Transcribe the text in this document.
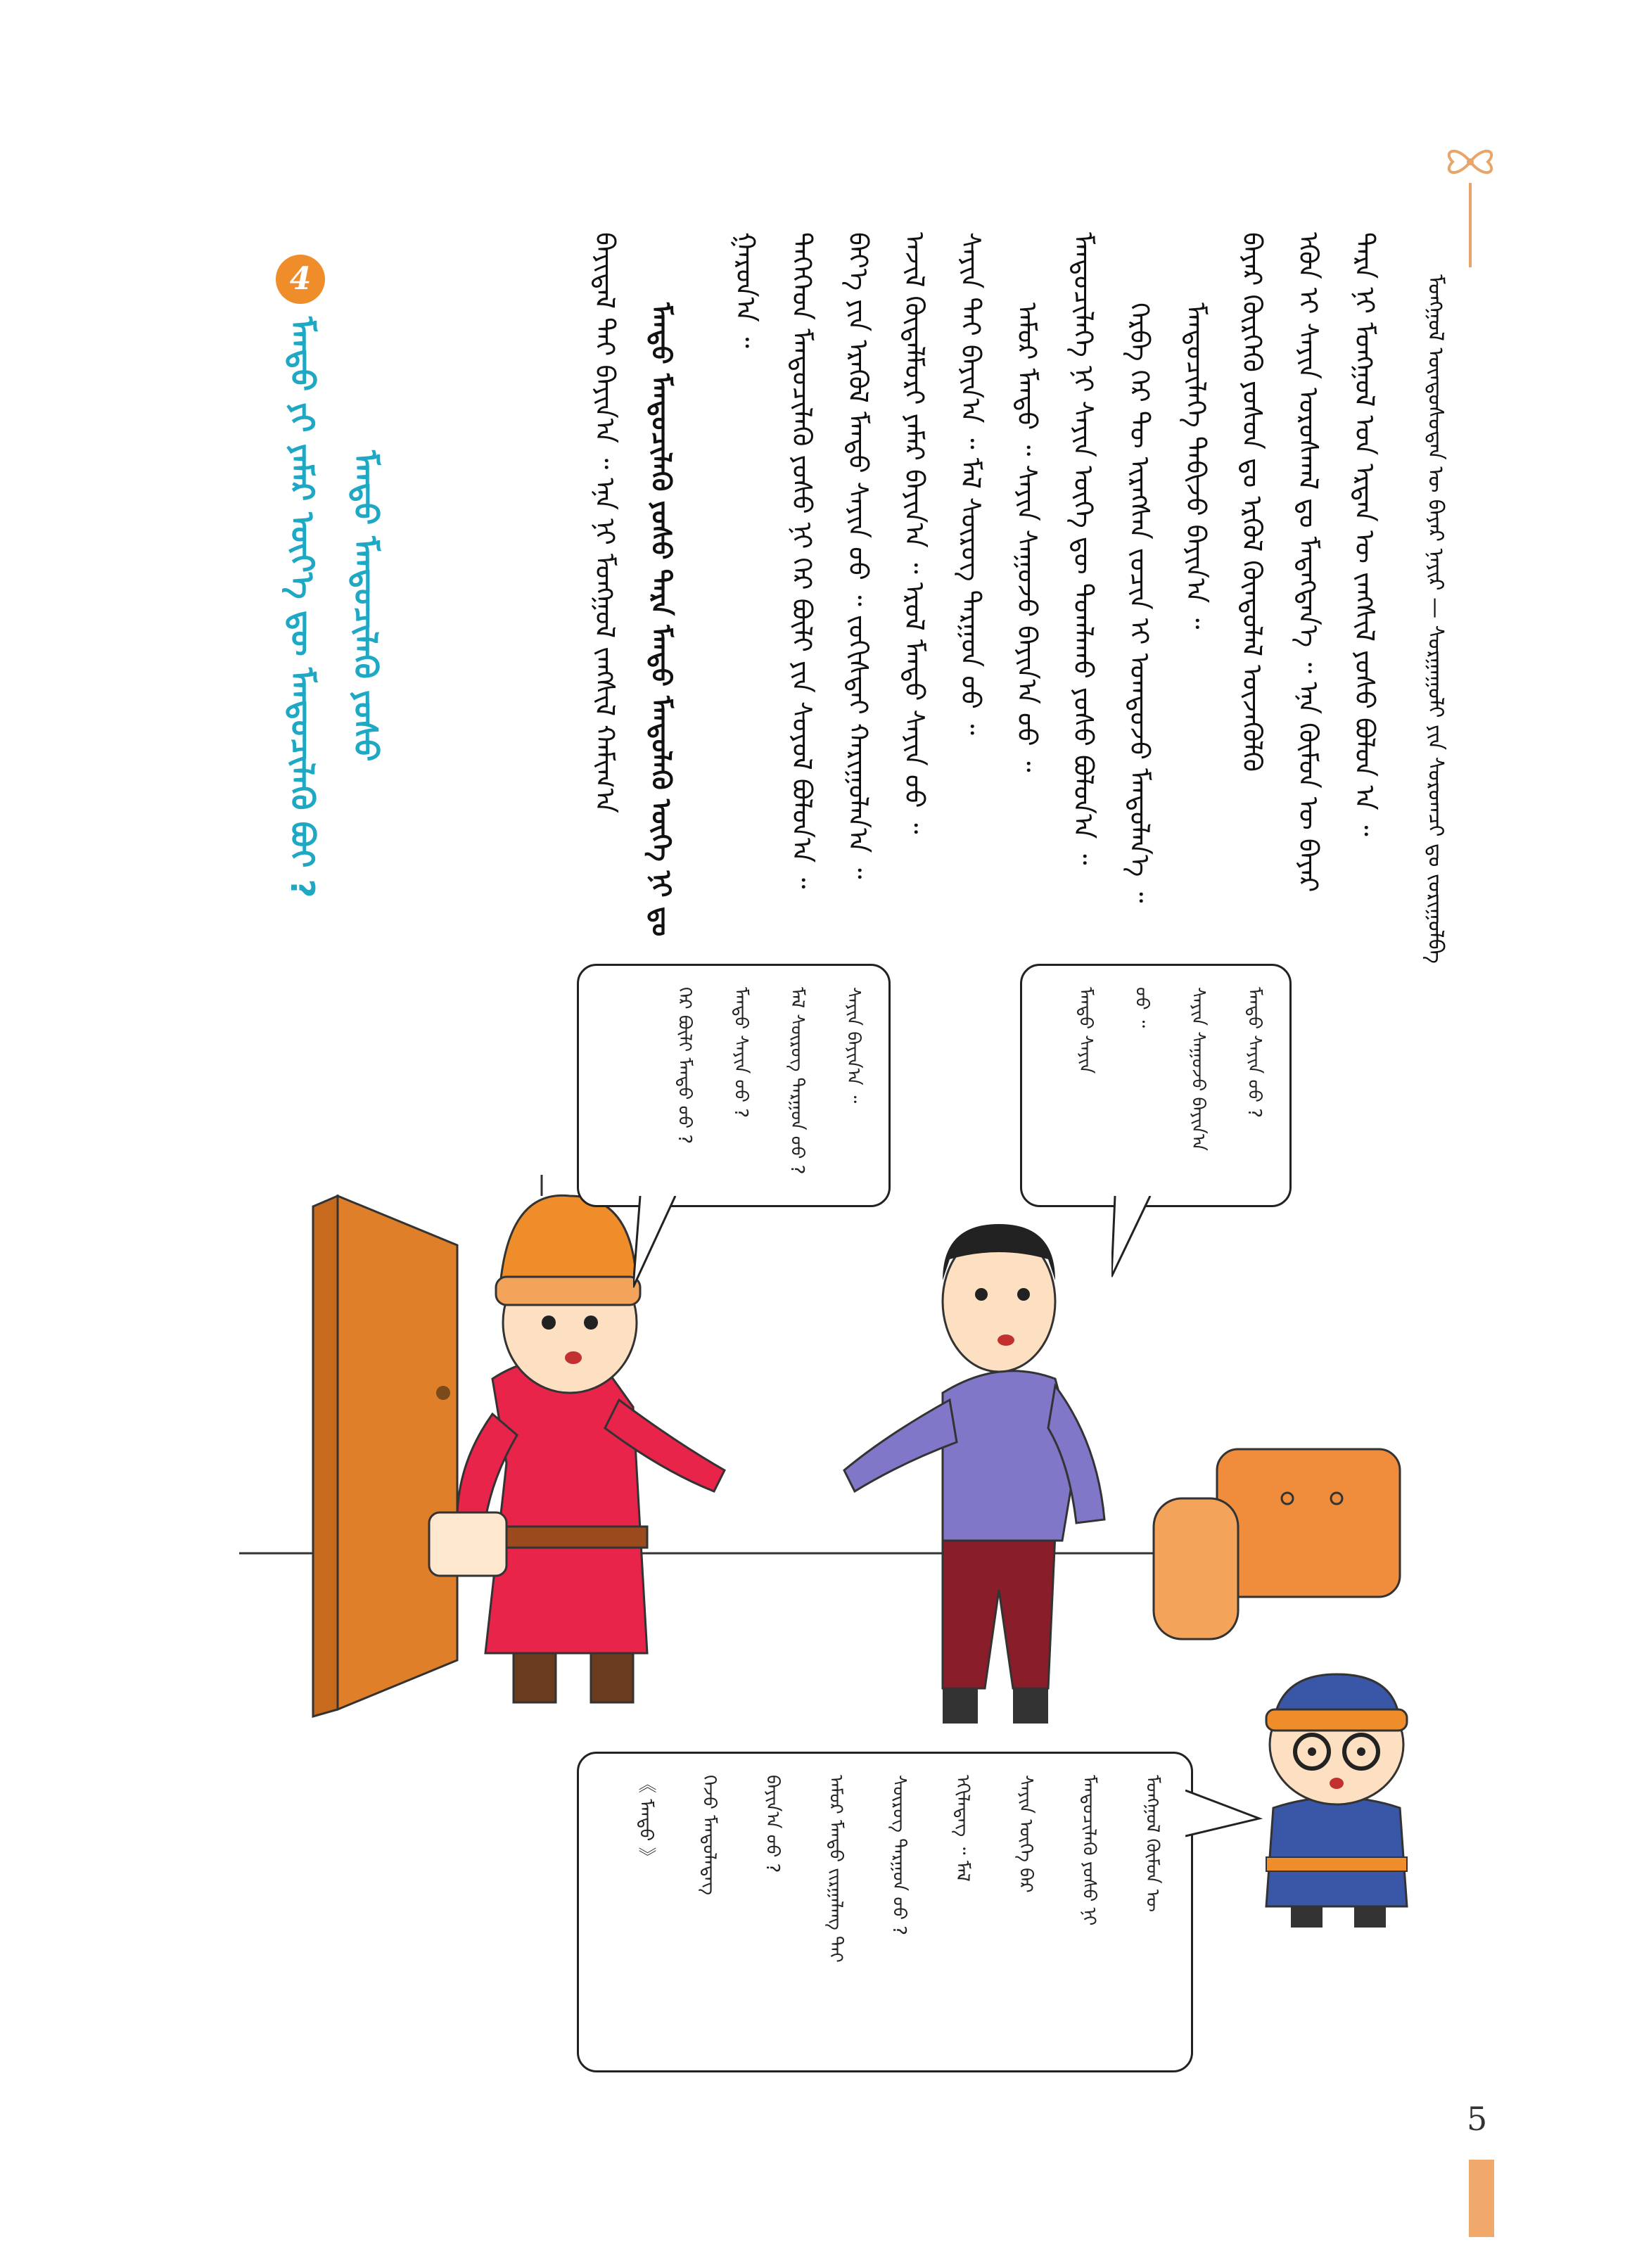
ᠮᠣᠩᠭᠣᠯ ᠦᠨᠳᠦᠰᠦᠲᠡᠨ ᠦ ᠪᠠᠶᠠᠷ ᠨᠠᠶᠢᠷ — ᠰᠤᠷᠭᠠᠭᠤᠯᠢ ᠶᠢᠨ ᠰᠤᠷᠤᠭᠴᠢ ᠳᠤ ᠵᠣᠷᠢᠭᠤᠯᠪᠠ
ᠲᠡᠷᠡ ᠨᠢ ᠮᠣᠩᠭᠣᠯ ᠤᠨ ᠡᠷᠲᠡᠨ ᠦ ᠵᠠᠩᠰᠢᠯ ᠶᠣᠰᠣ ᠪᠣᠯᠤᠨ ᠠ ᠃
ᠡᠭᠦᠨ ᠢ ᠰᠠᠶᠢᠨ ᠤᠷᠤᠰᠬᠠᠯ ᠳᠤ ᠮᠡᠳᠡᠭᠳᠡᠨ᠎ᠡ ᠃ ᠡᠨᠡ ᠬᠦᠮᠦᠨ ᠦ ᠪᠠᠶᠠᠷ
ᠪᠠᠶᠠᠷ ᠬᠦᠷᠭᠡᠬᠦ ᠶᠣᠰᠣᠨ ᠳᠤ ᠡᠷᠭᠦᠯ ᠬᠦᠨᠳᠦᠯᠡᠯ ᠦᠵᠡᠭᠦᠯᠬᠦ
ᠮᠡᠨᠳᠦᠴᠢᠯᠡᠭᠡ ᠲᠠᠪᠢᠵᠤ ᠪᠠᠶᠢᠨ᠎ᠠ ᠃
ᠬᠡᠷᠪᠡ ᠭᠡᠷ ᠲᠦ ᠢᠷᠡᠭᠰᠡᠨ ᠵᠣᠴᠢᠨ ᠢ ᠤᠭᠲᠤᠵᠤ ᠮᠡᠨᠳᠦᠯᠡᠨ᠎ᠡ ᠃
ᠮᠡᠨᠳᠦᠴᠢᠯᠡᠭᠡ ᠨᠢ ᠰᠠᠶᠢᠨ ᠦᠭᠡ ᠳᠦ ᠲᠤᠭᠯᠠᠬᠤ ᠶᠣᠰᠣ ᠪᠣᠯᠤᠨ᠎ᠠ ᠃
ᠠᠮᠤᠷ ᠮᠡᠨᠳᠦ ᠃ ᠰᠠᠶᠢᠨ ᠰᠠᠭᠤᠵᠤ ᠪᠠᠶᠢᠨ᠎ᠠ ᠤᠤ ᠃
ᠰᠠᠶᠢᠨ ᠲᠠᠢ ᠪᠠᠶᠢᠨ᠎ᠠ ᠃ ᠮᠠᠯ ᠰᠦᠷᠦᠭ ᠲᠠᠷᠭᠤᠨ ᠤᠤ ᠃
ᠠᠵᠢᠯ ᠬᠥᠳᠡᠯᠮᠦᠷᠢ ᠶᠠᠮᠠᠷ ᠪᠠᠶᠢᠨ᠎ᠠ ᠃ ᠡᠷᠦᠯ ᠮᠡᠨᠳᠦ ᠰᠠᠶᠢᠨ ᠤᠤ ᠃
ᠪᠡᠶ᠎ᠡ ᠶᠢᠨ ᠡᠷᠡᠭᠦᠯ ᠮᠡᠨᠳᠦ ᠰᠠᠶᠢᠨ ᠤᠤ ᠃ ᠵᠣᠬᠢᠰᠲᠠᠢ ᠬᠠᠷᠢᠭᠤᠯᠠᠨ᠎ᠠ ᠃
ᠲᠡᠭᠡᠭᠡᠳ ᠮᠡᠨᠳᠦᠴᠢᠯᠡᠬᠦ ᠶᠣᠰᠣ ᠨᠢ ᠭᠡᠷ ᠪᠦᠯᠢ ᠶᠢᠨ ᠰᠣᠶᠣᠯ ᠪᠣᠯᠤᠨ᠎ᠠ ᠃
ᠭᠠᠷᠤᠨ᠎ᠠ ᠃
ᠮᠡᠨᠳᠦ ᠮᠡᠨᠳᠦᠴᠢᠯᠡᠬᠦ ᠶᠣᠰᠣ ᠲᠡᠷᠡ ᠮᠡᠨᠳᠦ ᠮᠡᠨᠳᠦᠯᠡᠬᠦ ᠦᠭᠡ ᠨᠢ ᠳᠤ
ᠪᠠᠶᠢᠳᠠᠯ ᠲᠠᠢ ᠪᠠᠶᠢᠨ᠎ᠠ ᠃ ᠡᠨᠡ ᠨᠢ ᠮᠣᠩᠭᠣᠯ ᠵᠠᠩᠰᠢᠯ ᠬᠠᠮᠢᠭ᠎ᠠ
4
ᠮᠡᠨᠳᠦ ᠶᠢ ᠶᠠᠮᠠᠷ ᠦᠶ᠎ᠡ ᠳᠦ ᠮᠡᠨᠳᠦᠴᠢᠯᠡᠬᠦ ᠪᠤᠢ ? ᠮᠡᠨᠳᠦ ᠮᠡᠨᠳᠦᠴᠢᠯᠡᠬᠦ ᠶᠣᠰᠣ
ᠮᠡᠨᠳᠦ ᠰᠠᠶᠢᠨ ᠤᠤ ?
ᠰᠠᠶᠢᠨ ᠰᠠᠭᠤᠵᠤ ᠪᠠᠶᠢᠨ᠎ᠠ
ᠤᠤ ᠃
ᠮᠡᠨᠳᠦ ᠰᠠᠶᠢᠨ
ᠰᠠᠶᠢᠨ ᠪᠠᠶᠢᠨ᠎ᠠ ᠃
ᠮᠠᠯ ᠰᠦᠷᠦᠭ ᠲᠠᠷᠭᠤᠨ ᠤᠤ ?
ᠮᠡᠨᠳᠦ ᠰᠠᠶᠢᠨ ᠤᠤ ?
ᠭᠡᠷ ᠪᠦᠯᠢ ᠮᠡᠨᠳᠦ ᠤᠤ ?
ᠮᠣᠩᠭᠣᠯ ᠬᠦᠮᠦᠨ ᠦ
ᠮᠡᠨᠳᠦᠴᠢᠯᠡᠬᠦ ᠶᠣᠰᠣ ᠨᠢ
ᠰᠠᠶᠢᠨ ᠦᠭᠡ ᠪᠠᠷ
ᠡᠬᠢᠯᠡᠳᠡᠭ ᠃ ᠮᠠᠯ
ᠰᠦᠷᠦᠭ ᠲᠠᠷᠭᠤᠨ ᠤᠤ ?
ᠠᠮᠤᠷ ᠮᠡᠨᠳᠦ ᠵᠢᠷᠭᠠᠯᠠᠩ ᠲᠠᠢ
ᠪᠠᠶᠢᠨ᠎ᠠ ᠤᠤ ?
ᠭᠡᠵᠦ ᠮᠡᠨᠳᠦᠯᠡᠳᠡᠭ
《 ᠮᠡᠨᠳᠦ 》
5
